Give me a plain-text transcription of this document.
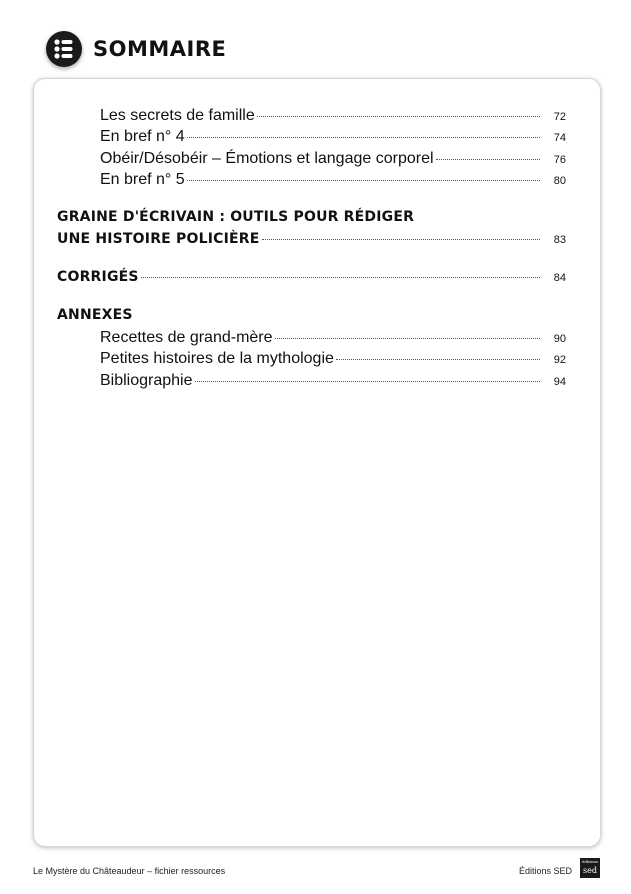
SOMMAIRE
Les secrets de famille	72
En bref n° 4	74
Obéir/Désobéir – Émotions et langage corporel	76
En bref n° 5	80
GRAINE D'ÉCRIVAIN : OUTILS POUR RÉDIGER
UNE HISTOIRE POLICIÈRE	83
CORRIGÉS	84
ANNEXES
Recettes de grand-mère	90
Petites histoires de la mythologie	92
Bibliographie	94
Le Mystère du Châteaudeur – fichier ressources	Éditions SED
éditions
sed
